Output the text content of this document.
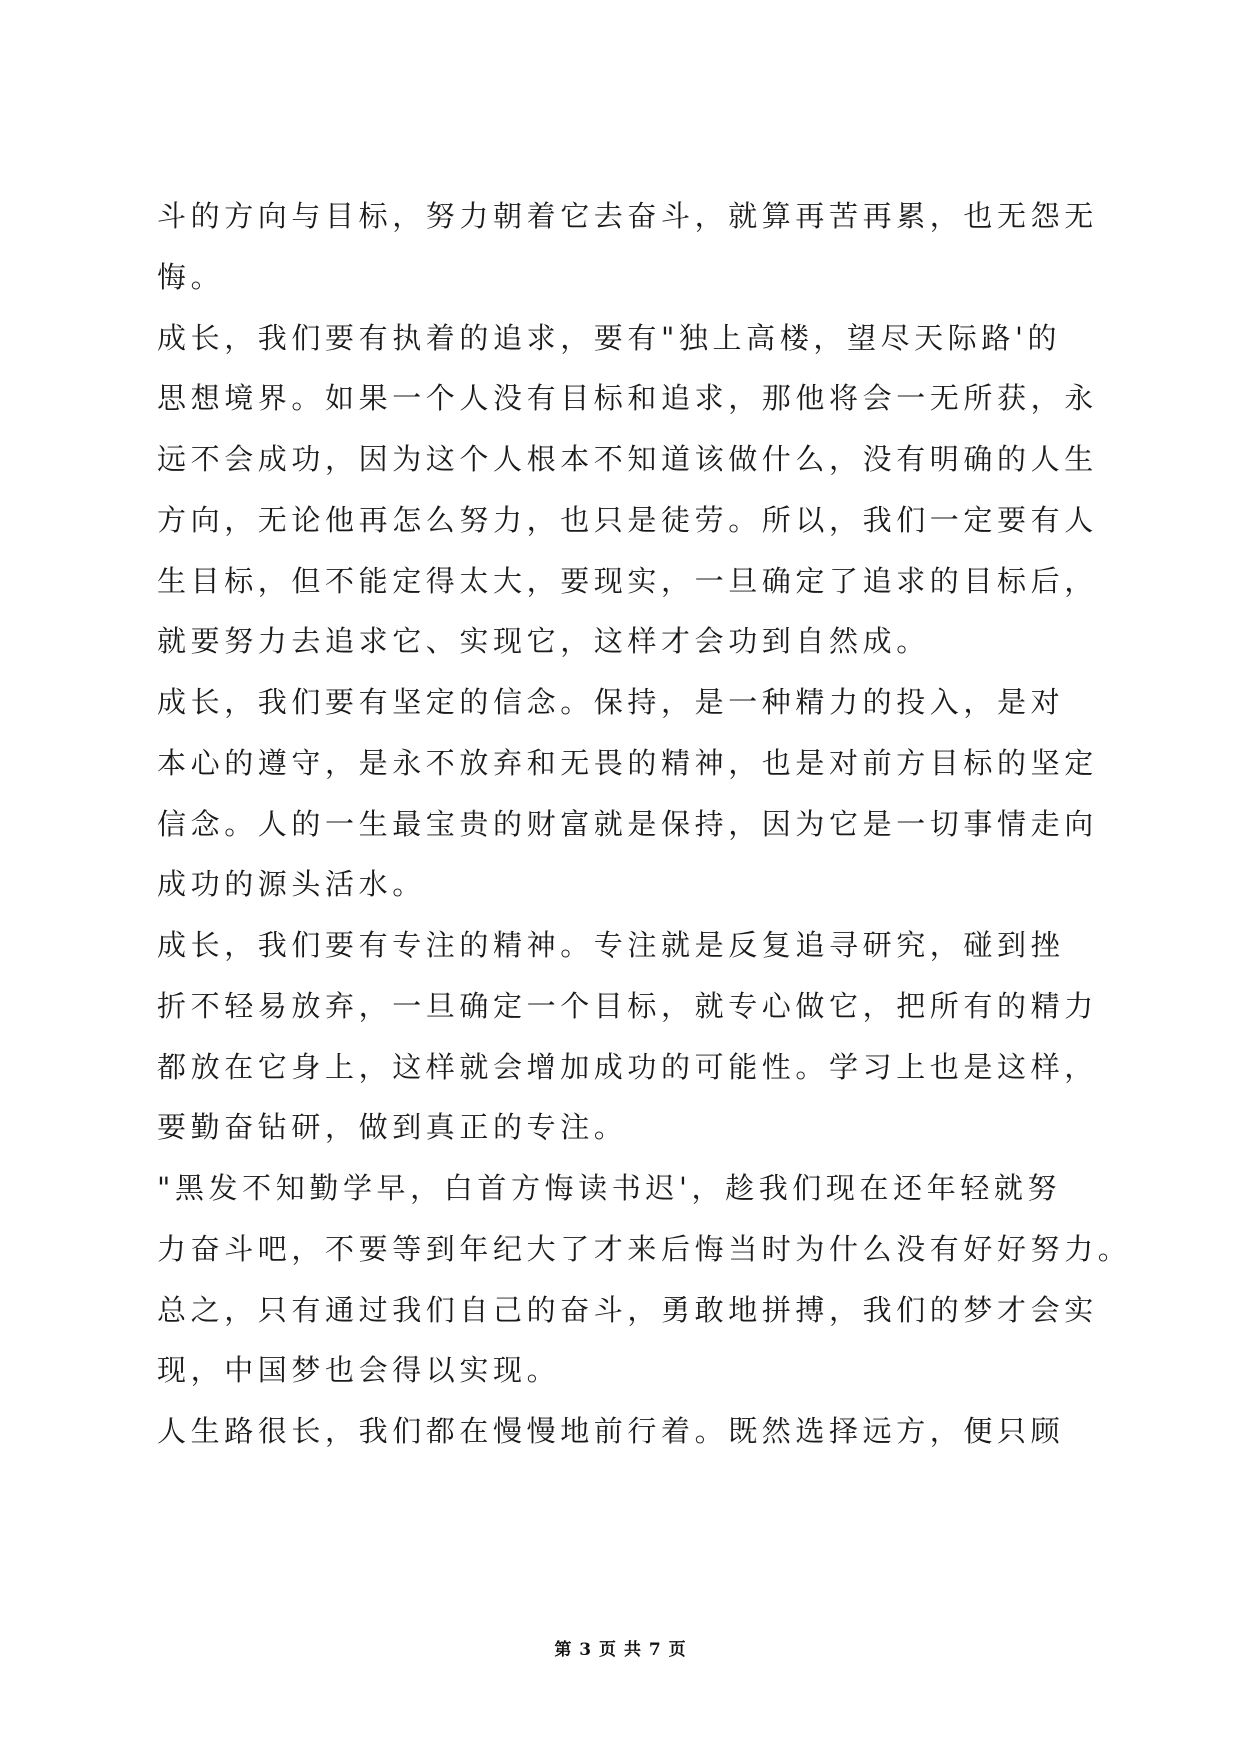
斗的方向与目标，努力朝着它去奋斗，就算再苦再累，也无怨无
悔。
成长，我们要有执着的追求，要有"独上高楼，望尽天际路'的
思想境界。如果一个人没有目标和追求，那他将会一无所获，永
远不会成功，因为这个人根本不知道该做什么，没有明确的人生
方向，无论他再怎么努力，也只是徒劳。所以，我们一定要有人
生目标，但不能定得太大，要现实，一旦确定了追求的目标后，
就要努力去追求它、实现它，这样才会功到自然成。
成长，我们要有坚定的信念。保持，是一种精力的投入，是对
本心的遵守，是永不放弃和无畏的精神，也是对前方目标的坚定
信念。人的一生最宝贵的财富就是保持，因为它是一切事情走向
成功的源头活水。
成长，我们要有专注的精神。专注就是反复追寻研究，碰到挫
折不轻易放弃，一旦确定一个目标，就专心做它，把所有的精力
都放在它身上，这样就会增加成功的可能性。学习上也是这样，
要勤奋钻研，做到真正的专注。
"黑发不知勤学早，白首方悔读书迟'，趁我们现在还年轻就努
力奋斗吧，不要等到年纪大了才来后悔当时为什么没有好好努力。
总之，只有通过我们自己的奋斗，勇敢地拼搏，我们的梦才会实
现，中国梦也会得以实现。
人生路很长，我们都在慢慢地前行着。既然选择远方，便只顾
第 3 页 共 7 页
